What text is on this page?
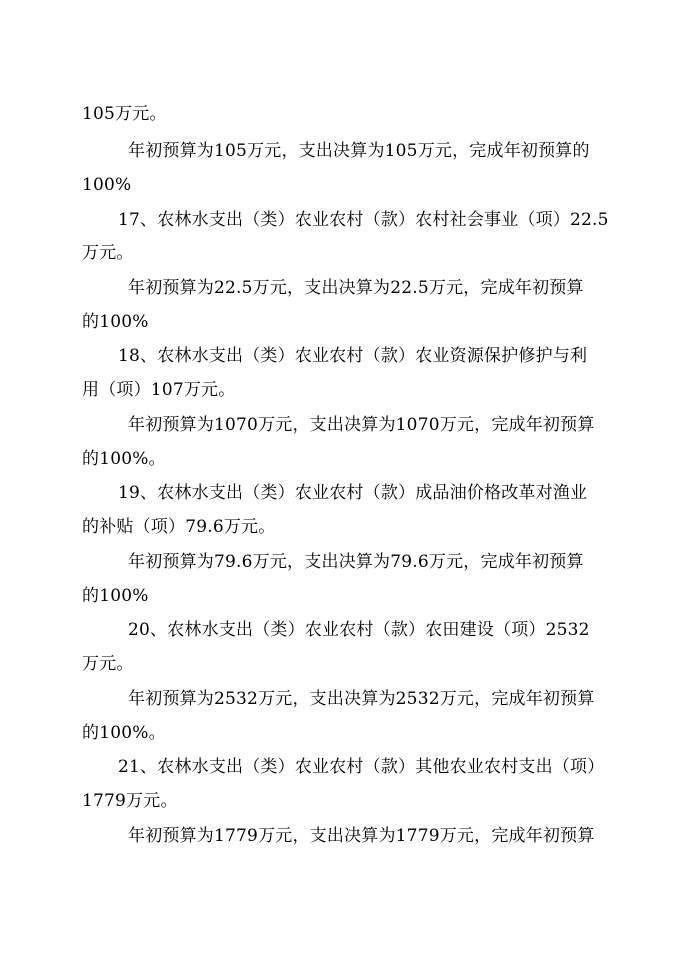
105万元。
年初预算为105万元，支出决算为105万元，完成年初预算的
100%
17、农林水支出（类）农业农村（款）农村社会事业（项）22.5
万元。
年初预算为22.5万元，支出决算为22.5万元，完成年初预算
的100%
18、农林水支出（类）农业农村（款）农业资源保护修护与利
用（项）107万元。
年初预算为1070万元，支出决算为1070万元，完成年初预算
的100%。
19、农林水支出（类）农业农村（款）成品油价格改革对渔业
的补贴（项）79.6万元。
年初预算为79.6万元，支出决算为79.6万元，完成年初预算
的100%
20、农林水支出（类）农业农村（款）农田建设（项）2532
万元。
年初预算为2532万元，支出决算为2532万元，完成年初预算
的100%。
21、农林水支出（类）农业农村（款）其他农业农村支出（项）
1779万元。
年初预算为1779万元，支出决算为1779万元，完成年初预算
